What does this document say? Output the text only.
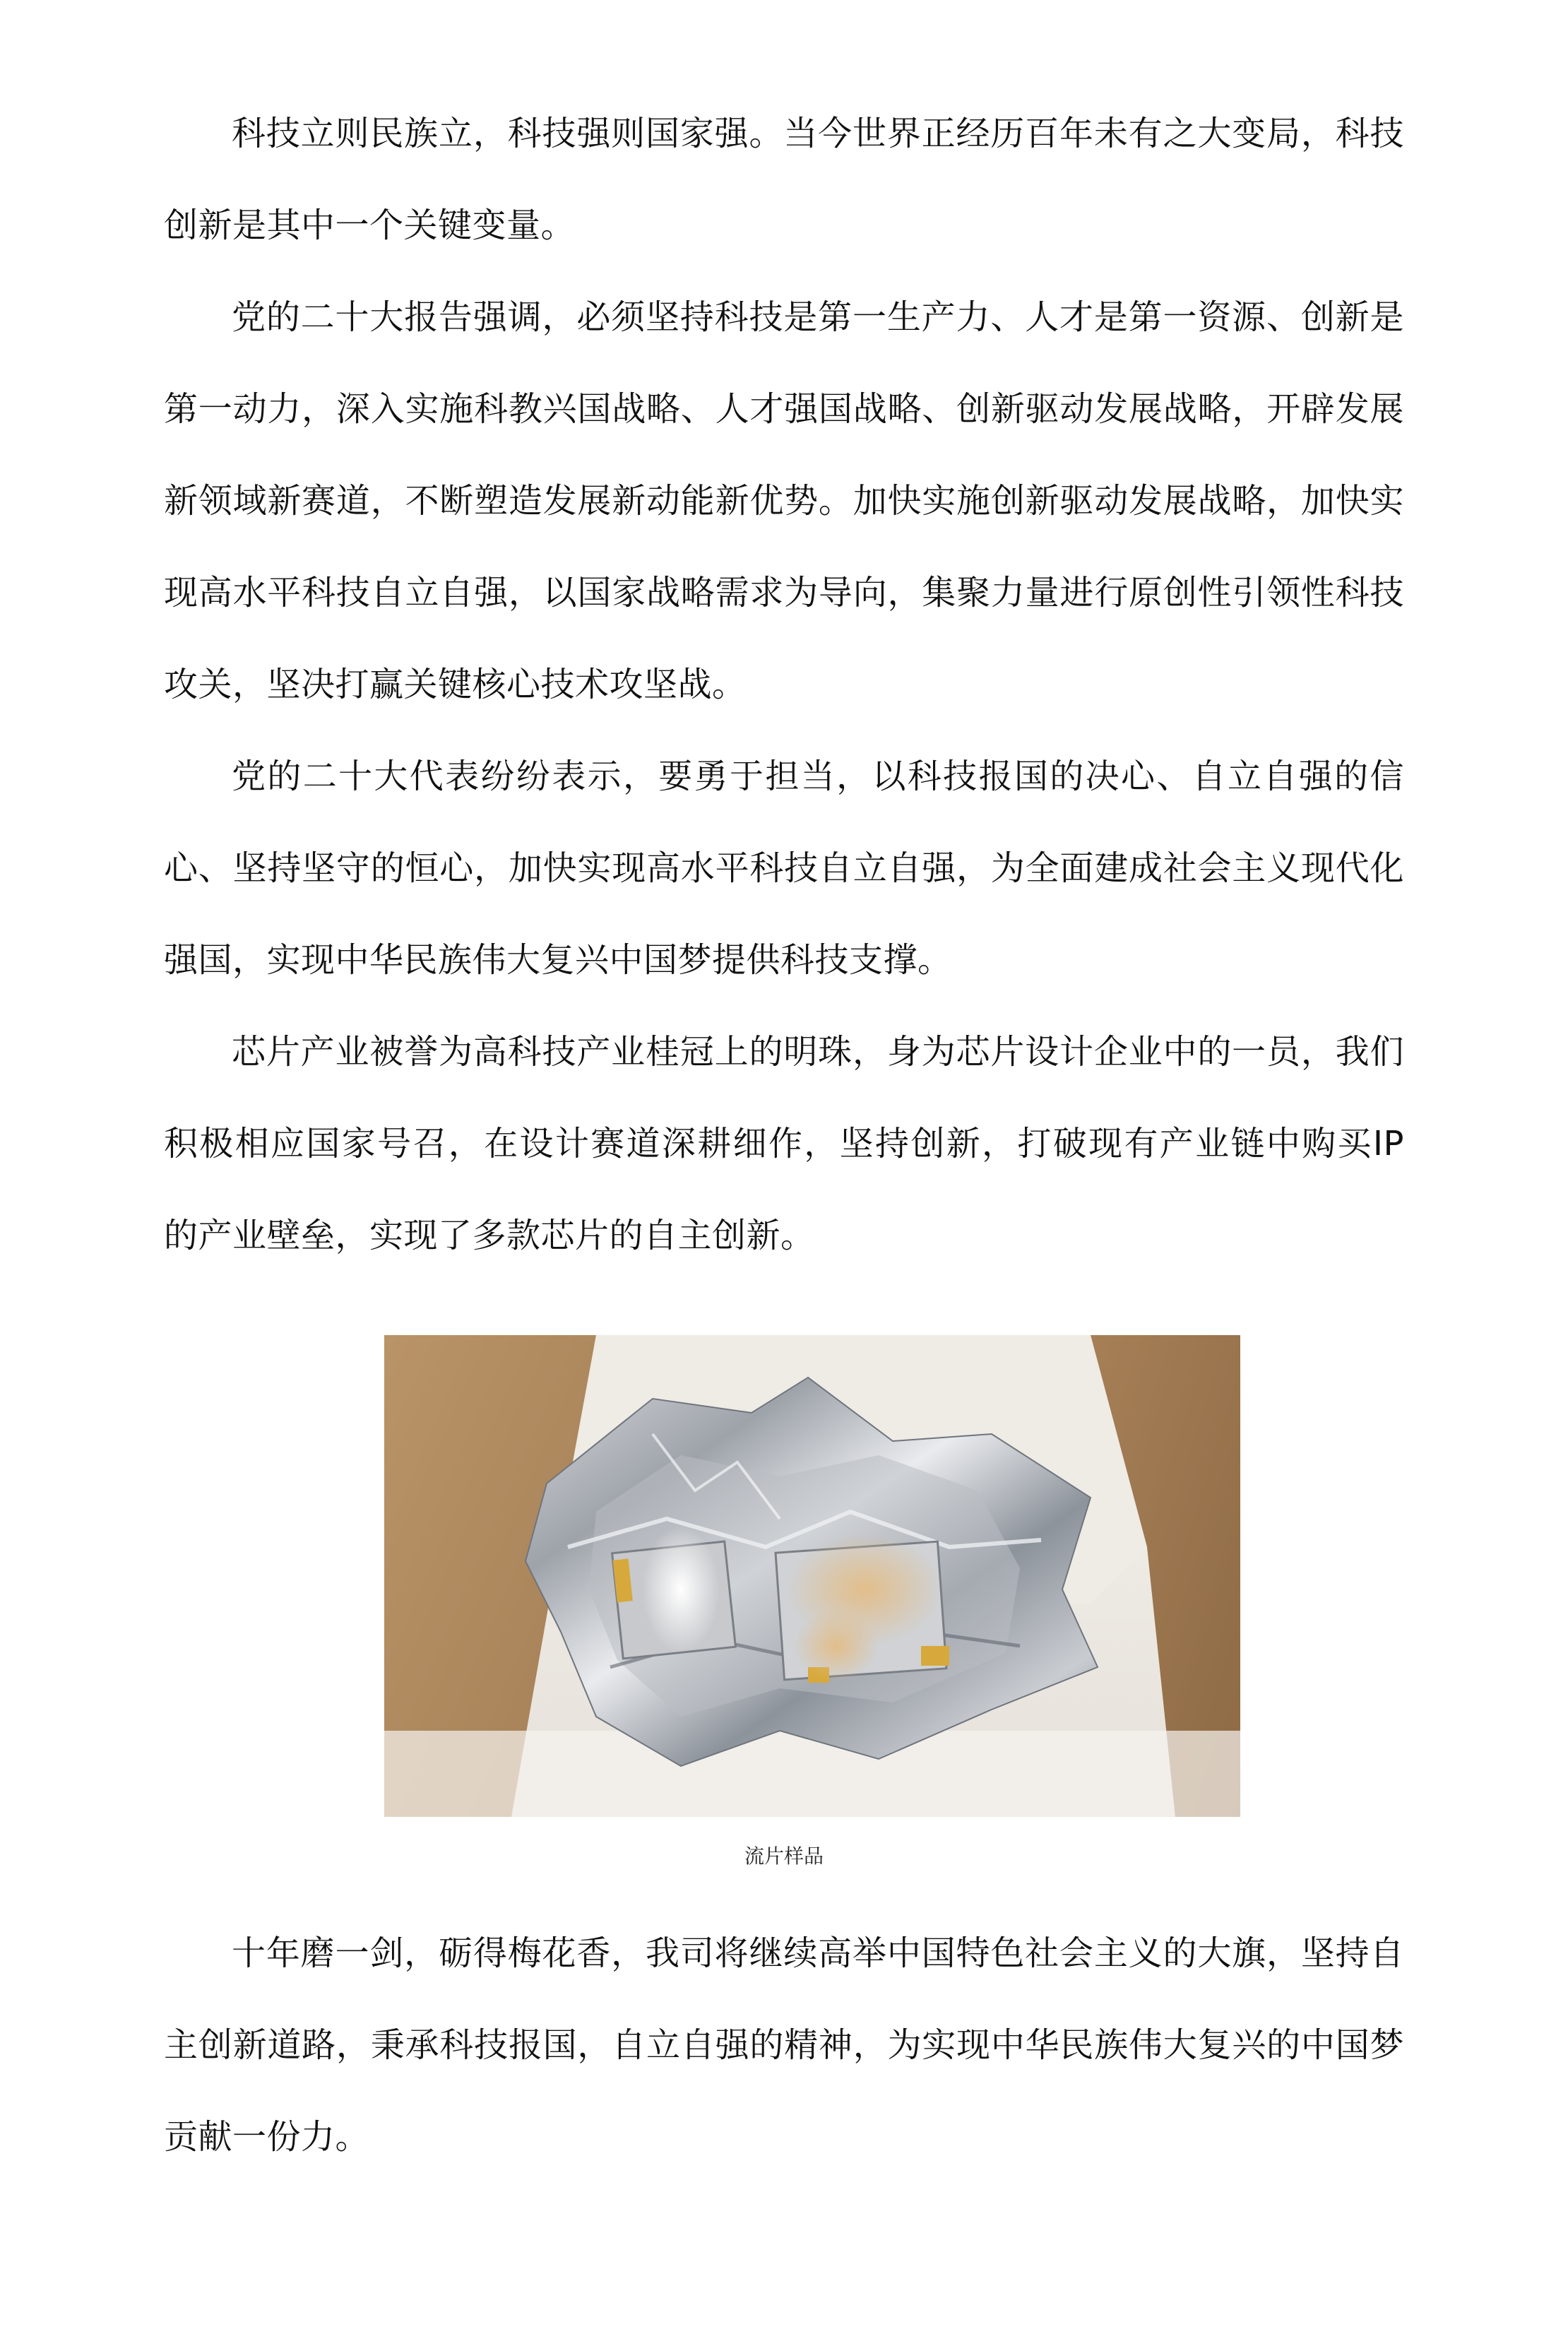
科技立则民族立，科技强则国家强。当今世界正经历百年未有之大变局，科技创新是其中一个关键变量。

党的二十大报告强调，必须坚持科技是第一生产力、人才是第一资源、创新是第一动力，深入实施科教兴国战略、人才强国战略、创新驱动发展战略，开辟发展新领域新赛道，不断塑造发展新动能新优势。加快实施创新驱动发展战略，加快实现高水平科技自立自强，以国家战略需求为导向，集聚力量进行原创性引领性科技攻关，坚决打赢关键核心技术攻坚战。

党的二十大代表纷纷表示，要勇于担当，以科技报国的决心、自立自强的信心、坚持坚守的恒心，加快实现高水平科技自立自强，为全面建成社会主义现代化强国，实现中华民族伟大复兴中国梦提供科技支撑。

芯片产业被誉为高科技产业桂冠上的明珠，身为芯片设计企业中的一员，我们积极相应国家号召，在设计赛道深耕细作，坚持创新，打破现有产业链中购买IP 的产业壁垒，实现了多款芯片的自主创新。

流片样品

十年磨一剑，砺得梅花香，我司将继续高举中国特色社会主义的大旗，坚持自主创新道路，秉承科技报国，自立自强的精神，为实现中华民族伟大复兴的中国梦贡献一份力。
